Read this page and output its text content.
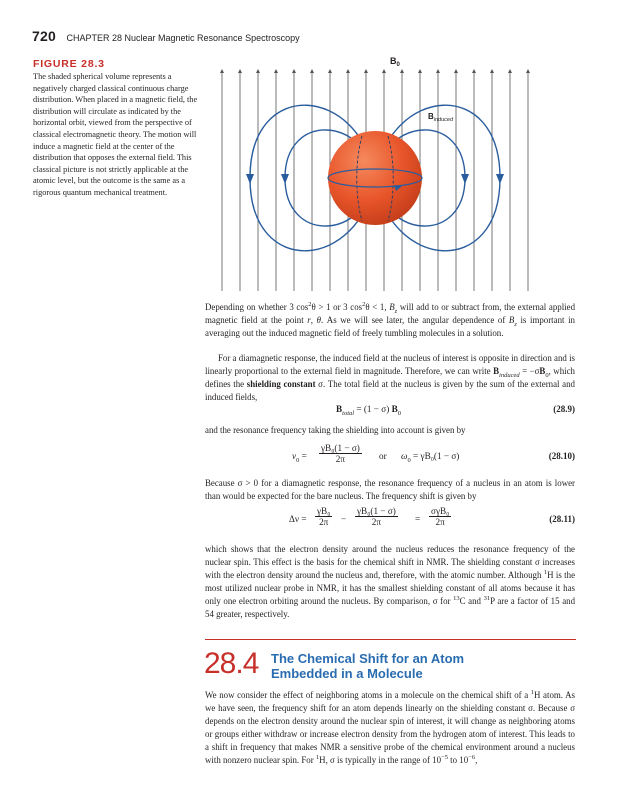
720 CHAPTER 28 Nuclear Magnetic Resonance Spectroscopy
FIGURE 28.3
The shaded spherical volume represents a negatively charged classical continuous charge distribution. When placed in a magnetic field, the distribution will circulate as indicated by the horizontal orbit, viewed from the perspective of classical electromagnetic theory. The motion will induce a magnetic field at the center of the distribution that opposes the external field. This classical picture is not strictly applicable at the atomic level, but the outcome is the same as a rigorous quantum mechanical treatment.
$B_0$
$B_{induced}$

Depending on whether 3 $\cos^2\theta > 1$ or 3 $\cos^2\theta < 1$, $B_z$ will add to or subtract from, the external applied magnetic field at the point r, θ. As we will see later, the angular dependence of $B_z$ is important in averaging out the induced magnetic field of freely tumbling molecules in a solution.

For a diamagnetic response, the induced field at the nucleus of interest is opposite in direction and is linearly proportional to the external field in magnitude. Therefore, we can write $B_{induced} = -\sigma B_0$, which defines the shielding constant σ. The total field at the nucleus is given by the sum of the external and induced fields,

$B_{total} = (1 - \sigma)$ $B_0$	(28.9)
and the resonance frequency taking the shielding into account is given by
$\nu_0 = \frac{\text{γB₀(1 − σ)}}{2\pi}$ or $\omega_0 = \gamma B_0(1 - \sigma)$	(28.10)
Because σ > 0 for a diamagnetic response, the resonance frequency of a nucleus in an atom is lower than would be expected for the bare nucleus. The frequency shift is given by
$\Delta\nu = \frac{\text{γB₀}}{2\pi} - \frac{\text{γB₀(1 − σ)}}{2\pi}$ =
σγB₀
2π	(28.11)

which shows that the electron density around the nucleus reduces the resonance frequency of the nuclear spin. This effect is the basis for the chemical shift in NMR. The shielding constant σ increases with the electron density around the nucleus and, therefore, with the atomic number. Although $^1$H is the most utilized nuclear probe in NMR, it has the smallest shielding constant of all atoms because it has only one electron orbiting around the nucleus. By comparison, σ for $^{13}$C and $^{31}$P are a factor of 15 and 54 greater, respectively.

28.4 The Chemical Shift for an Atom
Embedded in a Molecule

We now consider the effect of neighboring atoms in a molecule on the chemical shift of a $^1$H atom. As we have seen, the frequency shift for an atom depends linearly on the shielding constant σ. Because σ depends on the electron density around the nuclear spin of interest, it will change as neighboring atoms or groups either withdraw or increase electron density from the hydrogen atom of interest. This leads to a shift in frequency that makes NMR a sensitive probe of the chemical environment around a nucleus with nonzero nuclear spin. For $^1$H, σ is typically in the range of $10^{-5}$ to $10^{-6}$,
